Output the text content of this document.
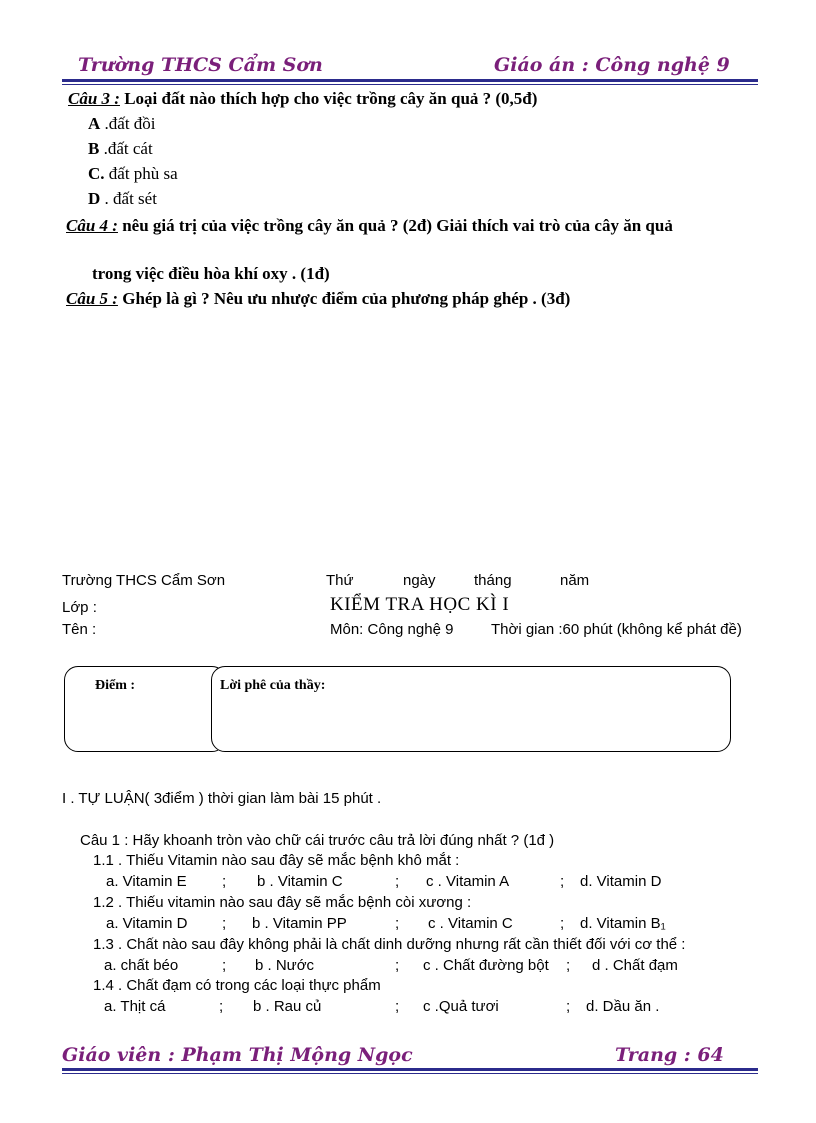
Trường THCS Cẩm Sơn	Giáo án : Công nghệ 9
Câu 3 : Loại đất nào thích hợp cho việc trồng cây ăn quả ? (0,5đ)
A .đất đồi
B .đất cát
C. đất phù sa
D . đất sét
Câu 4 : nêu giá trị của việc trồng cây ăn quả ? (2đ) Giải thích vai trò của cây ăn quả
trong việc điều hòa khí oxy . (1đ)
Câu 5 : Ghép là gì ? Nêu ưu nhược điểm của phương pháp ghép . (3đ)
Trường THCS Cẩm Sơn	Thứ	ngày	tháng	năm
Lớp :	KIỂM TRA HỌC KÌ I
Tên :	Môn: Công nghệ 9	Thời gian :60 phút (không kể phát đề)
Điểm :	Lời phê của thầy:
I . TỰ LUẬN( 3điểm ) thời gian làm bài 15 phút .
Câu 1 : Hãy khoanh tròn vào chữ cái trước câu trả lời đúng nhất ? (1đ )
1.1 . Thiếu Vitamin nào sau đây sẽ mắc bệnh khô mắt :
a. Vitamin E ; b . Vitamin C	; c . Vitamin A	; d. Vitamin D
1.2 . Thiếu vitamin nào sau đây sẽ mắc bệnh còi xương :
a. Vitamin D ; b . Vitamin PP	; c . Vitamin C	; d. Vitamin B₁
1.3 . Chất nào sau đây không phải là chất dinh dưỡng nhưng rất cần thiết đối với cơ thể :
a. chất béo	; b . Nước	; c . Chất đường bột ; d . Chất đạm
1.4 . Chất đạm có trong các loại thực phẩm
a. Thịt cá	; b . Rau củ	; c .Quả tươi	; d. Dầu ăn .
Giáo viên : Phạm Thị Mộng Ngọc	Trang : 64
